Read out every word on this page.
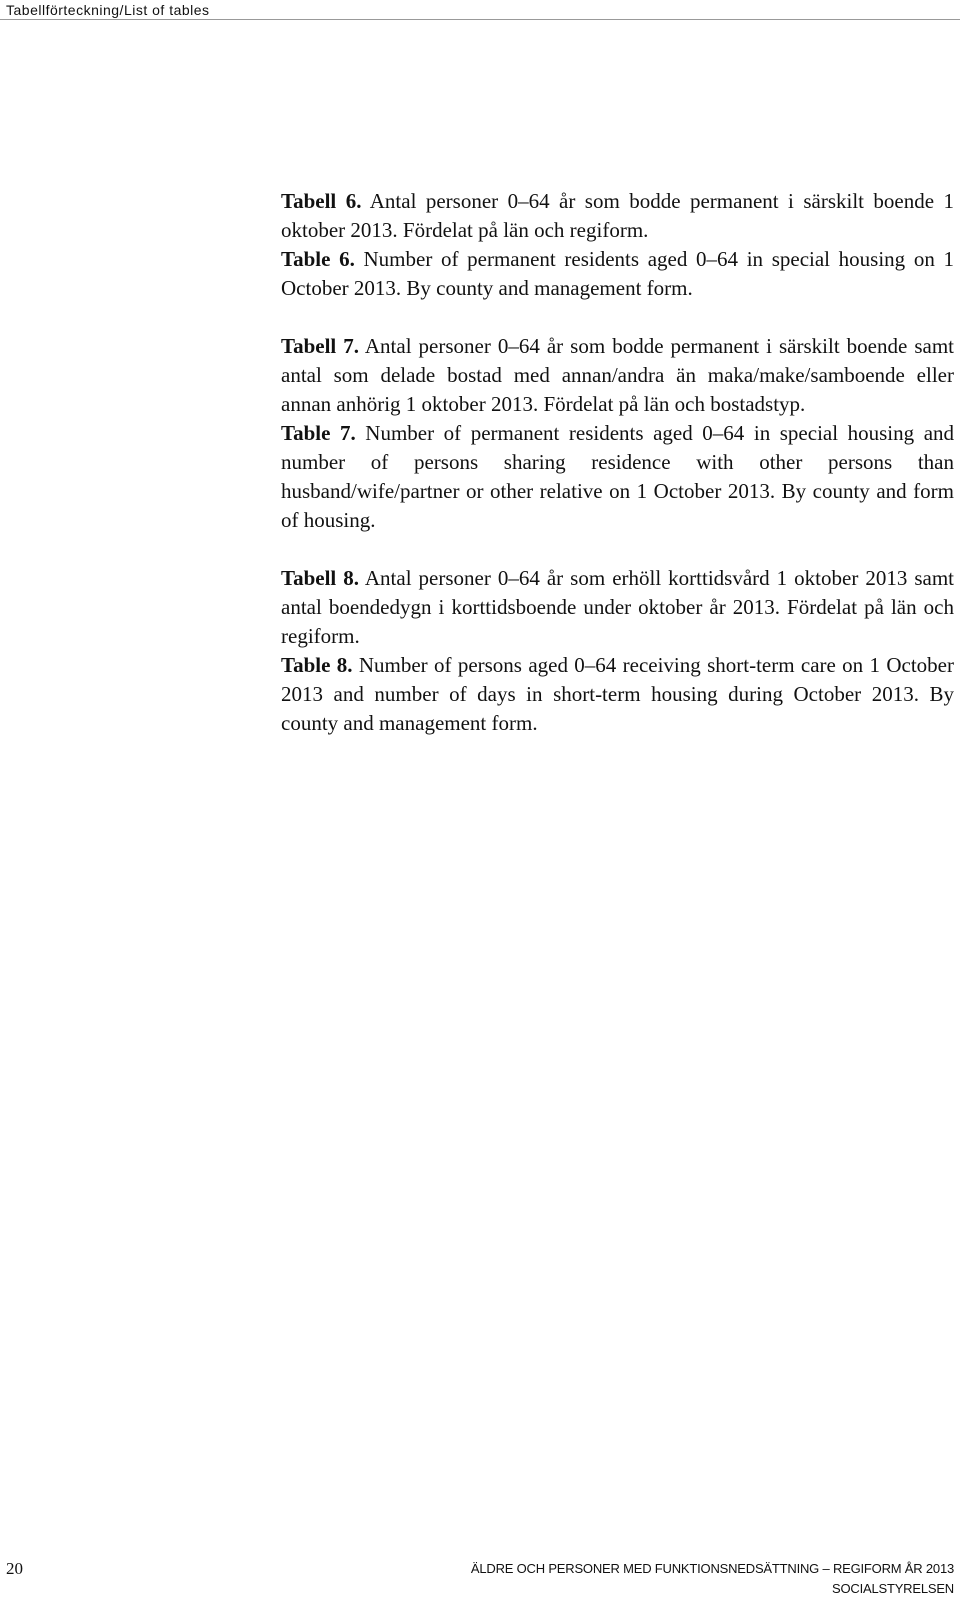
Tabellförteckning/List of tables

Tabell 6. Antal personer 0–64 år som bodde permanent i särskilt boende 1 oktober 2013. Fördelat på län och regiform.

Table 6. Number of permanent residents aged 0–64 in special housing on 1 October 2013. By county and management form.

Tabell 7. Antal personer 0–64 år som bodde permanent i särskilt boende samt antal som delade bostad med annan/andra än maka/make/samboende eller annan anhörig 1 oktober 2013. Fördelat på län och bostadstyp.

Table 7. Number of permanent residents aged 0–64 in special housing and number of persons sharing residence with other persons than husband/wife/partner or other relative on 1 October 2013. By county and form of housing.

Tabell 8. Antal personer 0–64 år som erhöll korttidsvård 1 oktober 2013 samt antal boendedygn i korttidsboende under oktober år 2013. Fördelat på län och regiform.

Table 8. Number of persons aged 0–64 receiving short-term care on 1 October 2013 and number of days in short-term housing during October 2013. By county and management form.

20	ÄLDRE OCH PERSONER MED FUNKTIONSNEDSÄTTNING – REGIFORM ÅR 2013
SOCIALSTYRELSEN
